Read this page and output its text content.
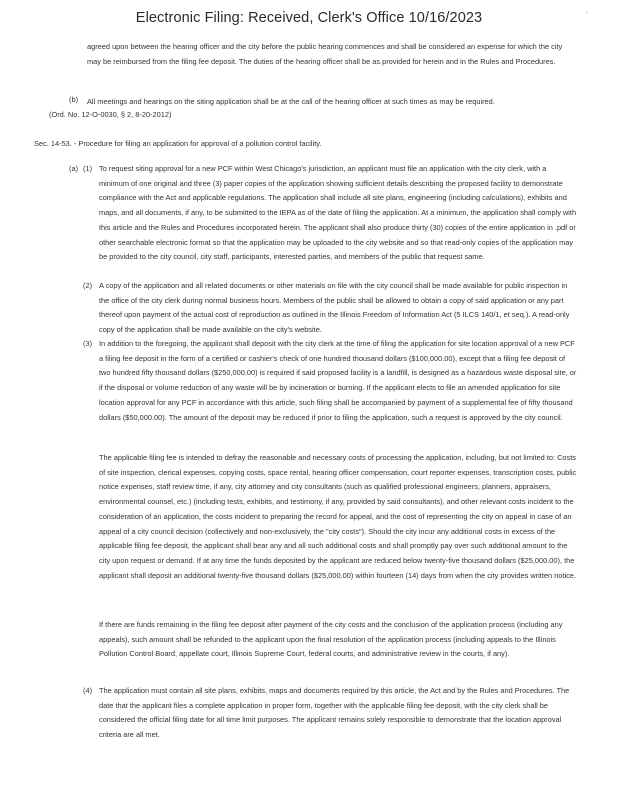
Electronic Filing: Received, Clerk's Office 10/16/2023	*
agreed upon between the hearing officer and the city before the public hearing commences and shall be considered an expense for which the city may be reimbursed from the filing fee deposit. The duties of the hearing officer shall be as provided for herein and in the Rules and Procedures.
(b) All meetings and hearings on the siting application shall be at the call of the hearing officer at such times as may be required.
(Ord. No. 12-O-0030, § 2, 8-20-2012)
Sec. 14-53. - Procedure for filing an application for approval of a pollution control facility.
(a) (1) To request siting approval for a new PCF within West Chicago's jurisdiction, an applicant must file an application with the city clerk, with a minimum of one original and three (3) paper copies of the application showing sufficient details describing the proposed facility to demonstrate compliance with the Act and applicable regulations. The application shall include all site plans, engineering (including calculations), exhibits and maps, and all documents, if any, to be submitted to the IEPA as of the date of filing the application. At a minimum, the application shall comply with this article and the Rules and Procedures incorporated herein. The applicant shall also produce thirty (30) copies of the entire application in .pdf or other searchable electronic format so that the application may be uploaded to the city website and so that read-only copies of the application may be provided to the city council, city staff, participants, interested parties, and members of the public that request same.
(2) A copy of the application and all related documents or other materials on file with the city council shall be made available for public inspection in the office of the city clerk during normal business hours. Members of the public shall be allowed to obtain a copy of said application or any part thereof upon payment of the actual cost of reproduction as outlined in the Illinois Freedom of Information Act (5 ILCS 140/1, et seq.). A read-only copy of the application shall be made available on the city's website.
(3) In addition to the foregoing, the applicant shall deposit with the city clerk at the time of filing the application for site location approval of a new PCF a filing fee deposit in the form of a certified or cashier's check of one hundred thousand dollars ($100,000.00), except that a filing fee deposit of two hundred fifty thousand dollars ($250,000.00) is required if said proposed facility is a landfill, is designed as a hazardous waste disposal site, or if the disposal or volume reduction of any waste will be by incineration or burning. If the applicant elects to file an amended application for site location approval for any PCF in accordance with this article, such filing shall be accompanied by payment of a supplemental fee of fifty thousand dollars ($50,000.00). The amount of the deposit may be reduced if prior to filing the application, such a request is approved by the city council.
The applicable filing fee is intended to defray the reasonable and necessary costs of processing the application, including, but not limited to: Costs of site inspection, clerical expenses, copying costs, space rental, hearing officer compensation, court reporter expenses, transcription costs, public notice expenses, staff review time, if any, city attorney and city consultants (such as qualified professional engineers, planners, appraisers, environmental counsel, etc.) (including tests, exhibits, and testimony, if any, provided by said consultants), and other relevant costs incident to the consideration of an application, the costs incident to preparing the record for appeal, and the cost of representing the city on appeal in case of an appeal of a city council decision (collectively and non-exclusively, the "city costs"). Should the city incur any additional costs in excess of the applicable filing fee deposit, the applicant shall bear any and all such additional costs and shall promptly pay over such additional amount to the city upon request or demand. If at any time the funds deposited by the applicant are reduced below twenty-five thousand dollars ($25,000.00), the applicant shall deposit an additional twenty-five thousand dollars ($25,000.00) within fourteen (14) days from when the city provides written notice.
If there are funds remaining in the filing fee deposit after payment of the city costs and the conclusion of the application process (including any appeals), such amount shall be refunded to the applicant upon the final resolution of the application process (including appeals to the Illinois Pollution Control Board, appellate court, Illinois Supreme Court, federal courts, and administrative review in the courts, if any).
(4) The application must contain all site plans, exhibits, maps and documents required by this article, the Act and by the Rules and Procedures. The date that the applicant files a complete application in proper form, together with the applicable filing fee deposit, with the city clerk shall be considered the official filing date for all time limit purposes. The applicant remains solely responsible to demonstrate that the location approval criteria are all met.
